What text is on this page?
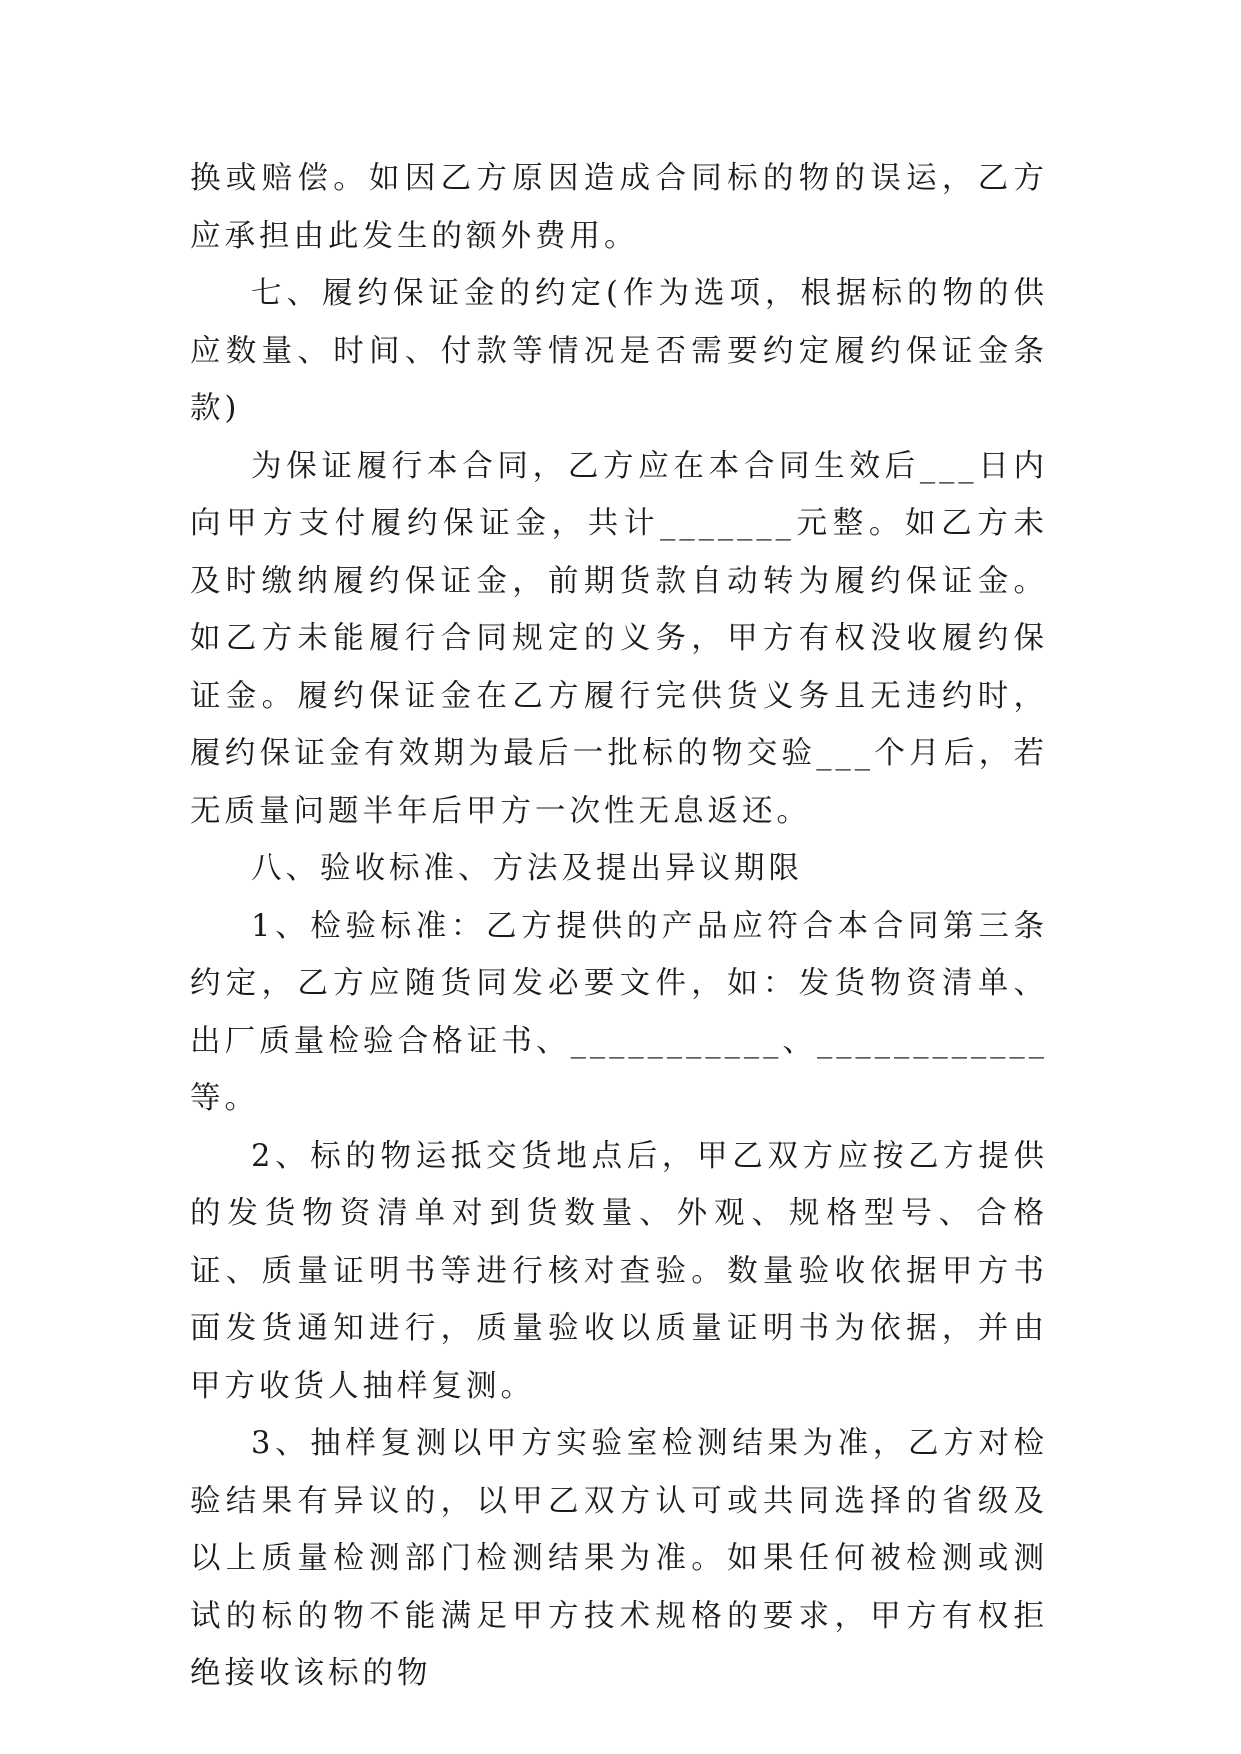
换或赔偿。如因乙方原因造成合同标的物的误运，乙方应承担由此发生的额外费用。

七、履约保证金的约定(作为选项，根据标的物的供应数量、时间、付款等情况是否需要约定履约保证金条款)

为保证履行本合同，乙方应在本合同生效后___日内向甲方支付履约保证金，共计_______元整。如乙方未及时缴纳履约保证金，前期货款自动转为履约保证金。如乙方未能履行合同规定的义务，甲方有权没收履约保证金。履约保证金在乙方履行完供货义务且无违约时，履约保证金有效期为最后一批标的物交验___个月后，若无质量问题半年后甲方一次性无息返还。

八、验收标准、方法及提出异议期限

1、检验标准：乙方提供的产品应符合本合同第三条约定，乙方应随货同发必要文件，如：发货物资清单、出厂质量检验合格证书、___________、____________等。

2、标的物运抵交货地点后，甲乙双方应按乙方提供的发货物资清单对到货数量、外观、规格型号、合格证、质量证明书等进行核对查验。数量验收依据甲方书面发货通知进行，质量验收以质量证明书为依据，并由甲方收货人抽样复测。

3、抽样复测以甲方实验室检测结果为准，乙方对检验结果有异议的，以甲乙双方认可或共同选择的省级及以上质量检测部门检测结果为准。如果任何被检测或测试的标的物不能满足甲方技术规格的要求，甲方有权拒绝接收该标的物
